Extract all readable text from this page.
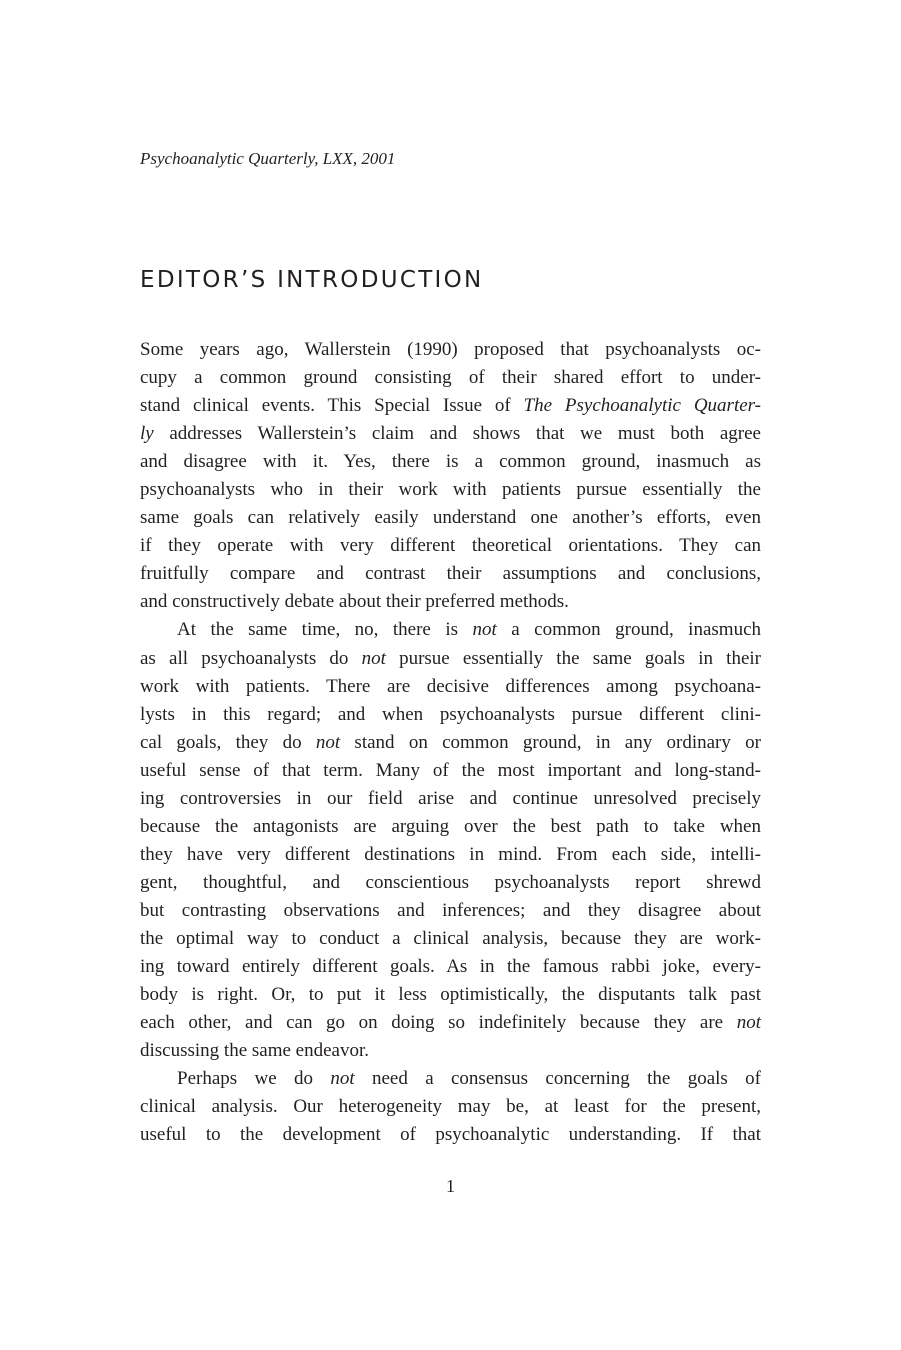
Psychoanalytic Quarterly, LXX, 2001

EDITOR’S INTRODUCTION
Some years ago, Wallerstein (1990) proposed that psychoanalysts oc-
cupy a common ground consisting of their shared effort to under-
stand clinical events. This Special Issue of The Psychoanalytic Quarter-
ly addresses Wallerstein’s claim and shows that we must both agree
and disagree with it. Yes, there is a common ground, inasmuch as
psychoanalysts who in their work with patients pursue essentially the
same goals can relatively easily understand one another’s efforts, even
if they operate with very different theoretical orientations. They can
fruitfully compare and contrast their assumptions and conclusions,
and constructively debate about their preferred methods.
At the same time, no, there is not a common ground, inasmuch
as all psychoanalysts do not pursue essentially the same goals in their
work with patients. There are decisive differences among psychoana-
lysts in this regard; and when psychoanalysts pursue different clini-
cal goals, they do not stand on common ground, in any ordinary or
useful sense of that term. Many of the most important and long-stand-
ing controversies in our field arise and continue unresolved precisely
because the antagonists are arguing over the best path to take when
they have very different destinations in mind. From each side, intelli-
gent, thoughtful, and conscientious psychoanalysts report shrewd
but contrasting observations and inferences; and they disagree about
the optimal way to conduct a clinical analysis, because they are work-
ing toward entirely different goals. As in the famous rabbi joke, every-
body is right. Or, to put it less optimistically, the disputants talk past
each other, and can go on doing so indefinitely because they are not
discussing the same endeavor.
Perhaps we do not need a consensus concerning the goals of
clinical analysis. Our heterogeneity may be, at least for the present,
useful to the development of psychoanalytic understanding. If that

1
